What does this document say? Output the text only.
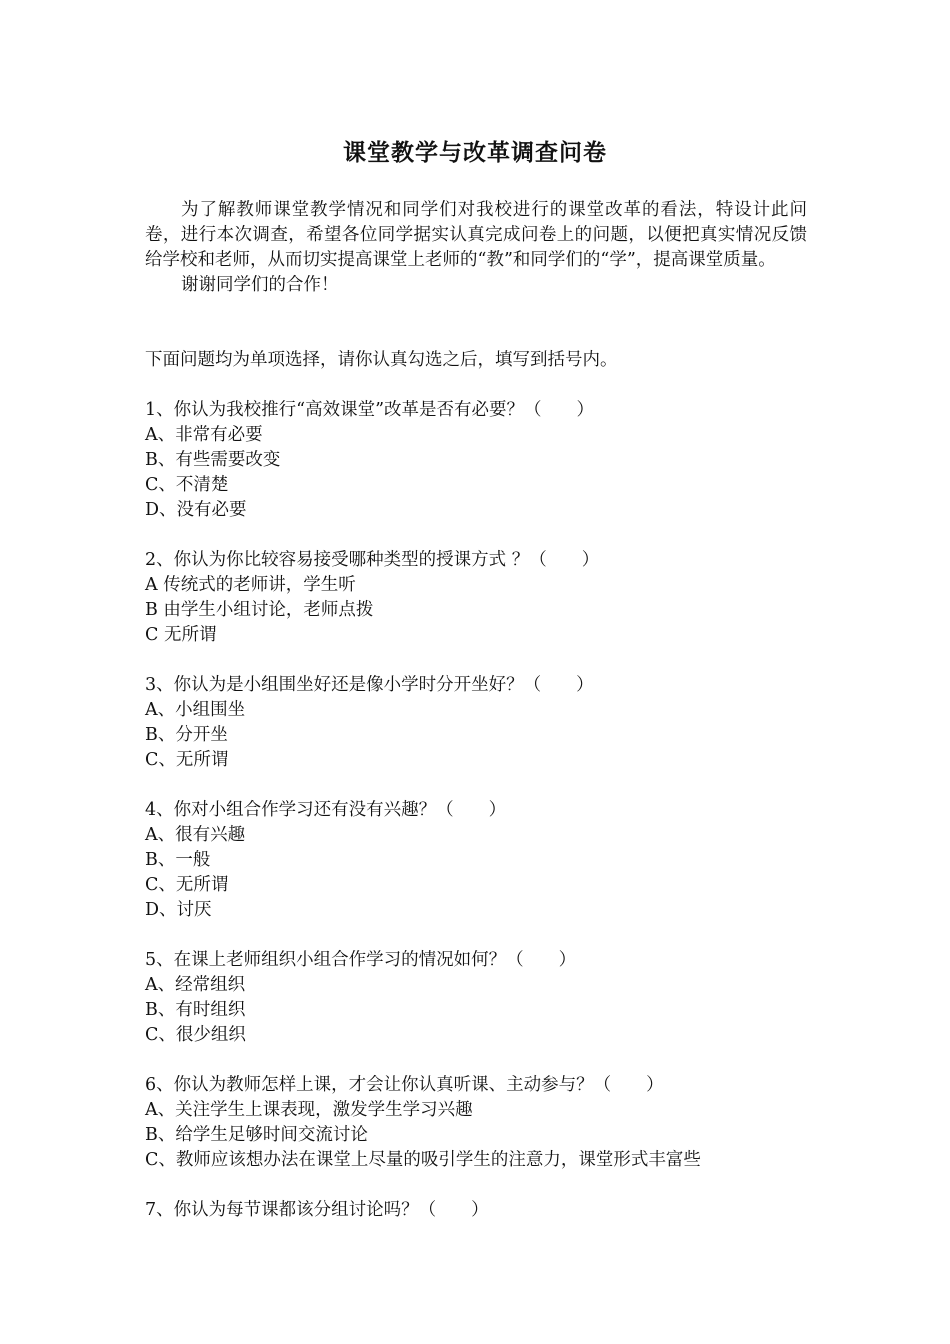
课堂教学与改革调查问卷

为了解教师课堂教学情况和同学们对我校进行的课堂改革的看法，特设计此问卷，进行本次调查，希望各位同学据实认真完成问卷上的问题，以便把真实情况反馈给学校和老师，从而切实提高课堂上老师的“教”和同学们的“学”，提高课堂质量。

谢谢同学们的合作！

下面问题均为单项选择，请你认真勾选之后，填写到括号内。
1、你认为我校推行“高效课堂”改革是否有必要？（　　）
A、非常有必要
B、有些需要改变
C、不清楚
D、没有必要
2、你认为你比较容易接受哪种类型的授课方式 ？（　　）
A 传统式的老师讲，学生听
B 由学生小组讨论，老师点拨
C 无所谓
3、你认为是小组围坐好还是像小学时分开坐好？（　　）
A、小组围坐
B、分开坐
C、无所谓
4、你对小组合作学习还有没有兴趣？（　　）
A、很有兴趣
B、一般
C、无所谓
D、讨厌
5、在课上老师组织小组合作学习的情况如何？（　　）
A、经常组织
B、有时组织
C、很少组织
6、你认为教师怎样上课，才会让你认真听课、主动参与？（　　）
A、关注学生上课表现，激发学生学习兴趣
B、给学生足够时间交流讨论
C、教师应该想办法在课堂上尽量的吸引学生的注意力，课堂形式丰富些
7、你认为每节课都该分组讨论吗？（　　）
